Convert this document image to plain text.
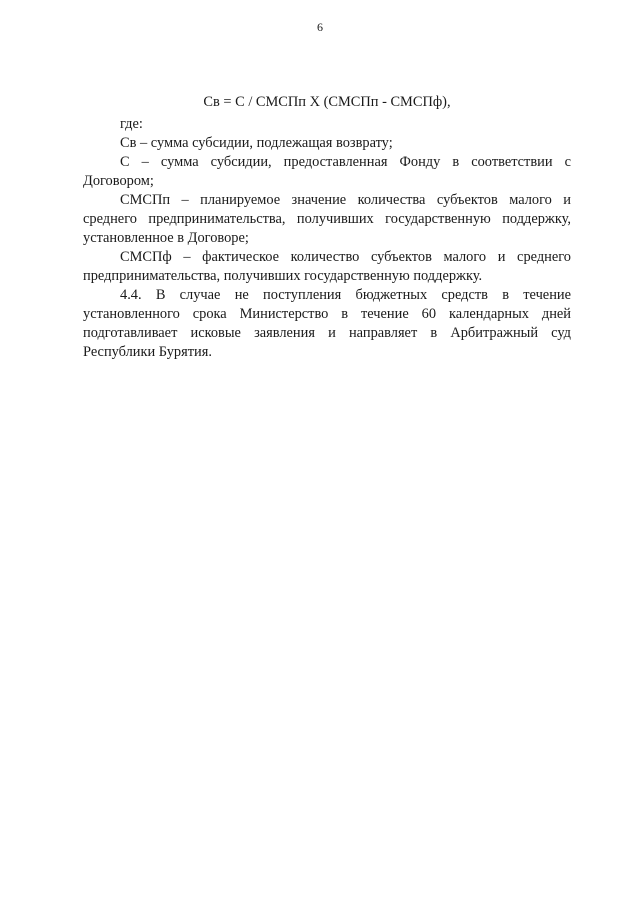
6

Св = С / СМСПп Х (СМСПп - СМСПф),

где:

Св – сумма субсидии, подлежащая возврату;

С – сумма субсидии, предоставленная Фонду в соответствии с Договором;

СМСПп – планируемое значение количества субъектов малого и среднего предпринимательства, получивших государственную поддержку, установленное в Договоре;

СМСПф – фактическое количество субъектов малого и среднего предпринимательства, получивших государственную поддержку.

4.4. В случае не поступления бюджетных средств в течение установленного срока Министерство в течение 60 календарных дней подготавливает исковые заявления и направляет в Арбитражный суд Республики Бурятия.
